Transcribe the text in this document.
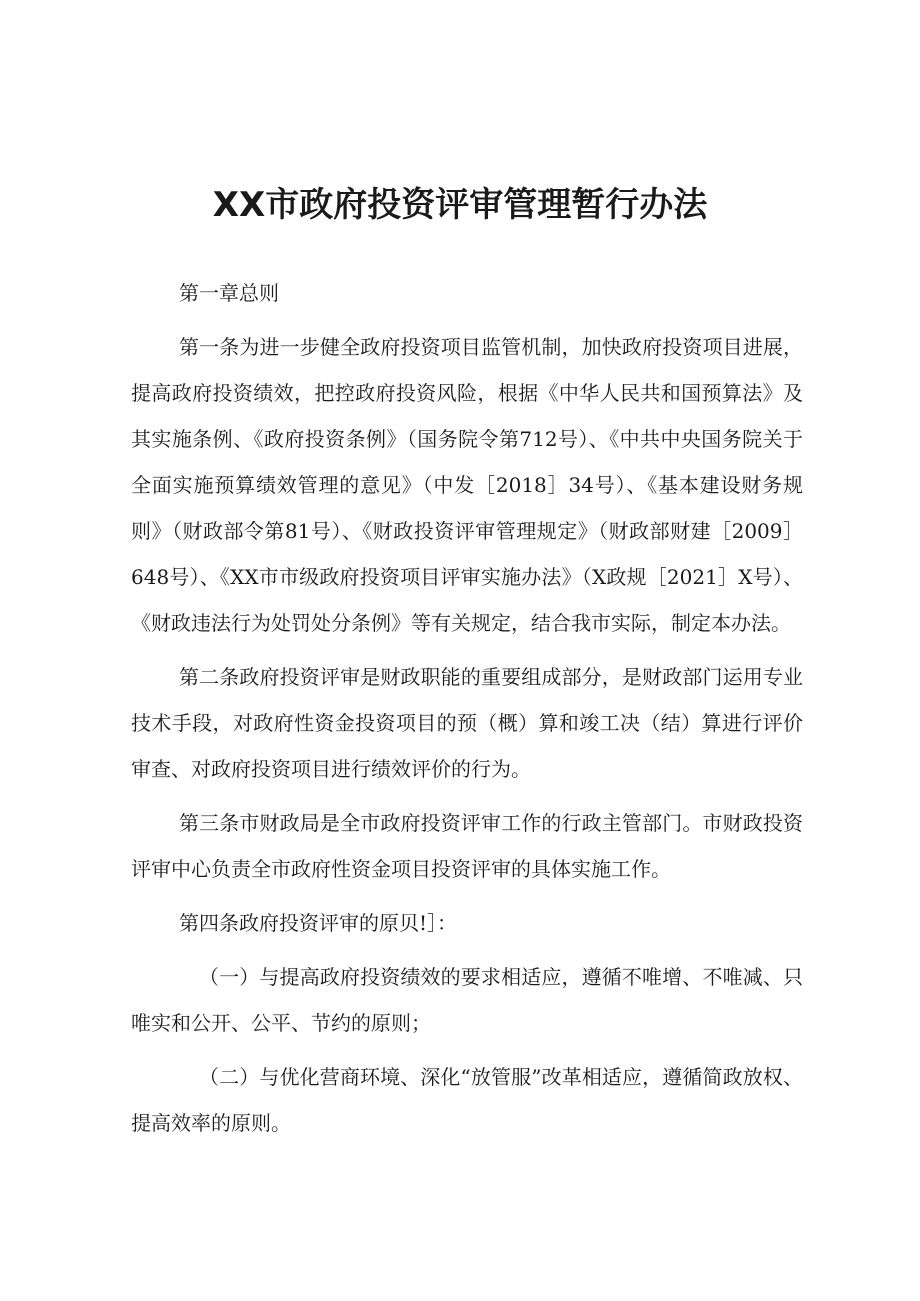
XX市政府投资评审管理暂行办法

第一章总则

第一条为进一步健全政府投资项目监管机制，加快政府投资项目进展，提高政府投资绩效，把控政府投资风险，根据《中华人民共和国预算法》及其实施条例、《政府投资条例》（国务院令第712号）、《中共中央国务院关于全面实施预算绩效管理的意见》（中发［2018］34号）、《基本建设财务规则》（财政部令第81号）、《财政投资评审管理规定》（财政部财建［2009］648号）、《XX市市级政府投资项目评审实施办法》（X政规［2021］X号）、《财政违法行为处罚处分条例》等有关规定，结合我市实际，制定本办法。

第二条政府投资评审是财政职能的重要组成部分，是财政部门运用专业技术手段，对政府性资金投资项目的预（概）算和竣工决（结）算进行评价审查、对政府投资项目进行绩效评价的行为。

第三条市财政局是全市政府投资评审工作的行政主管部门。市财政投资评审中心负责全市政府性资金项目投资评审的具体实施工作。

第四条政府投资评审的原贝!］：

（一）与提高政府投资绩效的要求相适应，遵循不唯增、不唯减、只唯实和公开、公平、节约的原则；

（二）与优化营商环境、深化“放管服”改革相适应，遵循简政放权、提高效率的原则。
